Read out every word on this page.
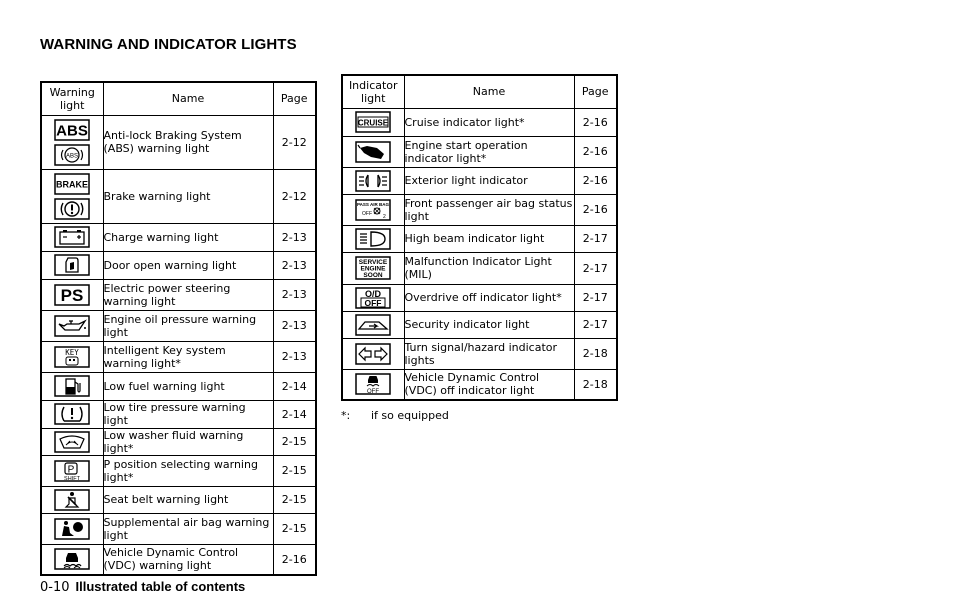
WARNING AND INDICATOR LIGHTS
Warning light	Name	Page

ABS

ABS	Anti-lock Braking System (ABS) warning light	2-12

BRAKE	Brake warning light	2-12

	Charge warning light	2-13

	Door open warning light	2-13

PS	Electric power steering warning light	2-13

	Engine oil pressure warning light	2-13

KEY	Intelligent Key system warning light*	2-13

	Low fuel warning light	2-14

	Low tire pressure warning light	2-14

	Low washer fluid warning light*	2-15

P
SHIFT	P position selecting warning light*	2-15

	Seat belt warning light	2-15

	Supplemental air bag warning light	2-15

	Vehicle Dynamic Control (VDC) warning light	2-16
Indicator light	Name	Page

CRUISE	Cruise indicator light*	2-16

	Engine start operation indicator light*	2-16

	Exterior light indicator	2-16

PASS AIR BAG
OFF 2	Front passenger air bag status light	2-16

	High beam indicator light	2-17

SERVICE
ENGINE
SOON	Malfunction Indicator Light (MIL)	2-17

O/D
OFF	Overdrive off indicator light*	2-17

	Security indicator light	2-17

	Turn signal/hazard indicator lights	2-18

OFF	Vehicle Dynamic Control (VDC) off indicator light	2-18
*: if so equipped
0-10 Illustrated table of contents
